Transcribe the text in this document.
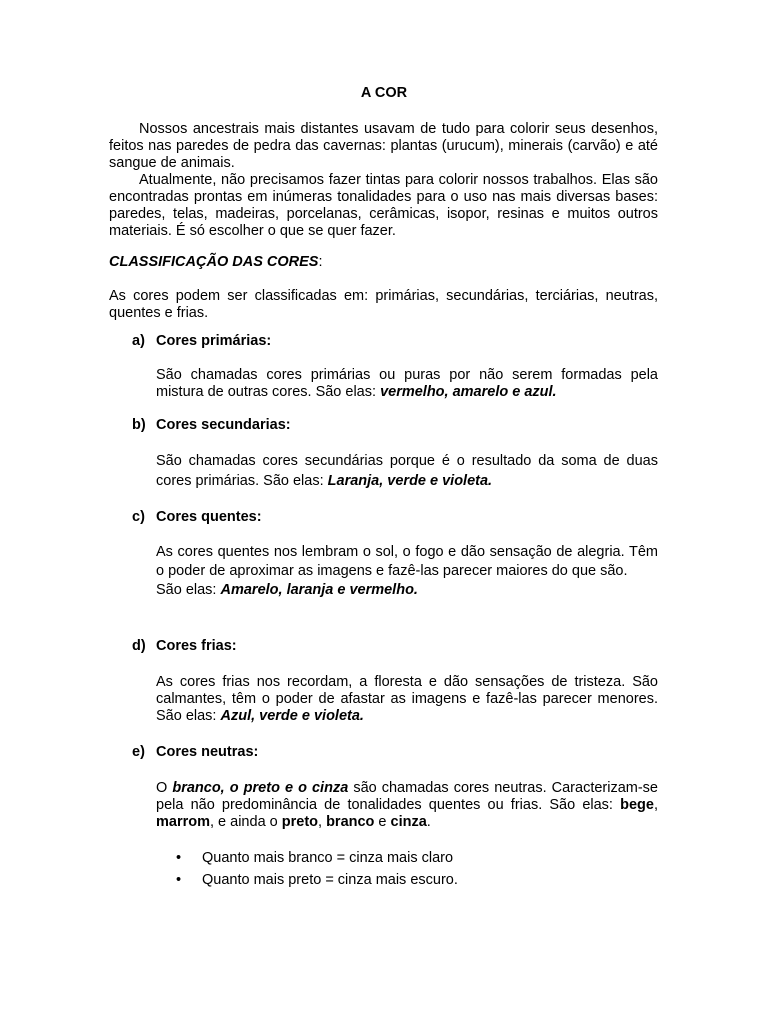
A COR

Nossos ancestrais mais distantes usavam de tudo para colorir seus desenhos, feitos nas paredes de pedra das cavernas: plantas (urucum), minerais (carvão) e até sangue de animais.

Atualmente, não precisamos fazer tintas para colorir nossos trabalhos. Elas são encontradas prontas em inúmeras tonalidades para o uso nas mais diversas bases: paredes, telas, madeiras, porcelanas, cerâmicas, isopor, resinas e muitos outros materiais. É só escolher o que se quer fazer.

CLASSIFICAÇÃO DAS CORES:

As cores podem ser classificadas em: primárias, secundárias, terciárias, neutras, quentes e frias.

a) Cores primárias:

São chamadas cores primárias ou puras por não serem formadas pela mistura de outras cores. São elas: vermelho, amarelo e azul.

b) Cores secundarias:

São chamadas cores secundárias porque é o resultado da soma de duas cores primárias. São elas: Laranja, verde e violeta.

c) Cores quentes:

As cores quentes nos lembram o sol, o fogo e dão sensação de alegria. Têm o poder de aproximar as imagens e fazê-las parecer maiores do que são.

São elas: Amarelo, laranja e vermelho.

d) Cores frias:

As cores frias nos recordam, a floresta e dão sensações de tristeza. São calmantes, têm o poder de afastar as imagens e fazê-las parecer menores. São elas: Azul, verde e violeta.

e) Cores neutras:

O branco, o preto e o cinza são chamadas cores neutras. Caracterizam-se pela não predominância de tonalidades quentes ou frias. São elas: bege, marrom, e ainda o preto, branco e cinza.

• Quanto mais branco = cinza mais claro
• Quanto mais preto = cinza mais escuro.
